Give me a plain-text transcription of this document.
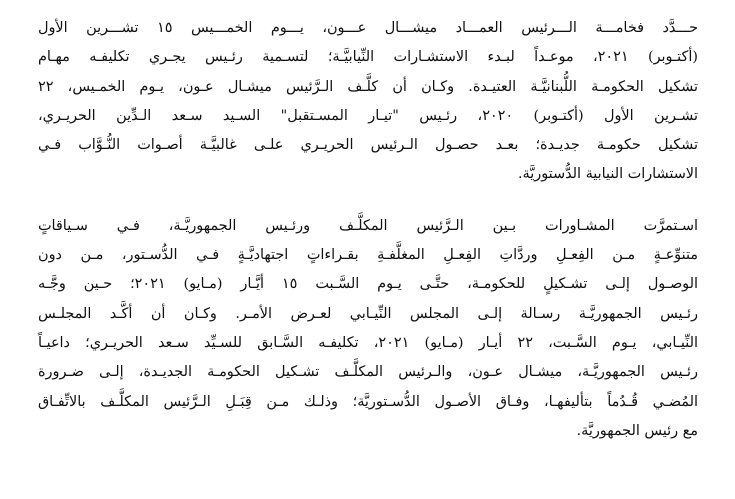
حـــدَّد فخامـــة الـــرئيس العمـــاد ميشـــال عـــون، يـــوم الخمـــيس ١٥ تشـــرين الأول
(أكتـوبر) ٢٠٢١، موعـداً لبـدء الاستشـارات النِّيابيَّـة؛ لتسـمية رئـيس يجـري تكليفـه مهـام
تشكيل الحكومـة اللُّبنانيَّـة العتيـدة. وكـان أن كلَّـف الـرَّئيس ميشـال عـون، يـوم الخمـيس، ٢٢
تشـرين الأول (أكتـوبر) ٢٠٢٠، رئـيس "تيـار المسـتقبل" السـيد سـعد الـدِّين الحريـري،
تشكيل حكومـة جديـدة؛ بعـد حصـول الـرئيس الحريـري علـى غالبيَّـة أصـوات النُّـوَّاب فـي
الاستشارات النيابية الدُّستوريَّة.

اسـتمرَّت المشـاورات بـين الـرَّئيس المكلَّـف ورئـيس الجمهوريَّـة، فـي سـياقاتٍ
متنوِّعـةٍ مـن الفِعـلِ وردَّاتِ الفِعـلِ المغلَّفـةِ بقـراءاتٍ اجتهاديَّـةٍ فـي الدُّسـتور، مـن دون
الوصـول إلـى تشـكيلٍ للحكومـة، حتَّـى يـوم السَّـبت ١٥ أيَّـار (مـايو) ٢٠٢١؛ حـين وجَّـه
رئـيس الجمهوريَّـة رسـالة إلـى المجلس النِّيـابي لعـرض الأمـر. وكـان أن أكَّـد المجلـس
النِّيـابي، يـوم السَّـبت، ٢٢ أيـار (مـايو) ٢٠٢١، تكليفـه السَّـابق للسـيِّد سـعد الحريـري؛ داعيـاً
رئـيس الجمهوريَّـة، ميشـال عـون، والـرئيس المكلَّـف تشـكيل الحكومـة الجديـدة، إلـى ضـرورة
المُضـي قُـدُماً بتأليفهـا، وفـاق الأصـول الدُّسـتوريَّة؛ وذلـك مـن قِبَـلِ الـرَّئيس المكلَّـف بالاتِّفـاق
مع رئيس الجمهوريَّة.
